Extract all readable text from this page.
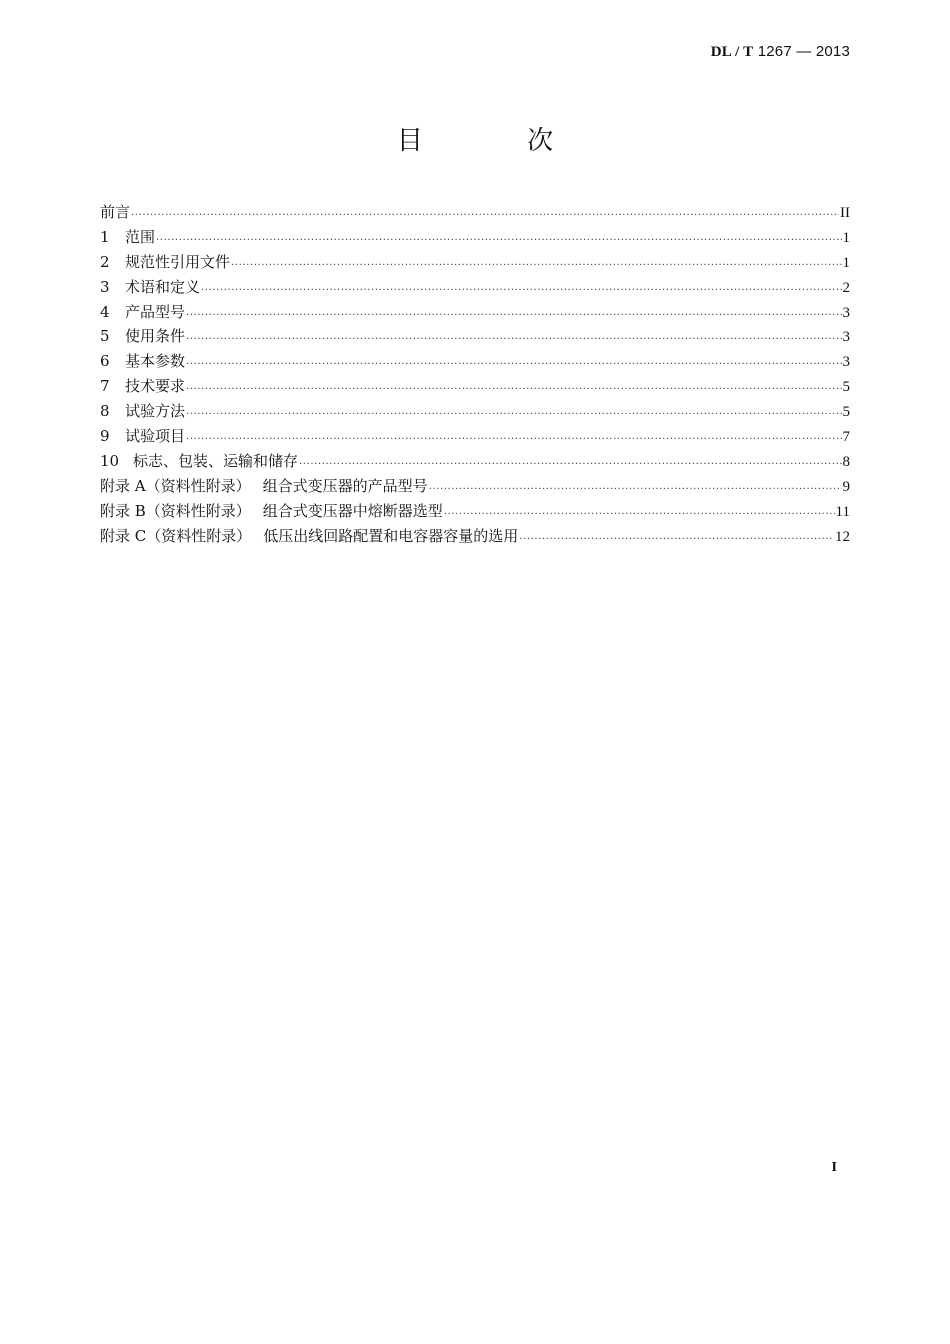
DL / T 1267 — 2013
目 次
前言 .....	II
1	范围 .....	1
2	规范性引用文件 .....	1
3	术语和定义 .....	2
4	产品型号 .....	3
5	使用条件 .....	3
6	基本参数 .....	3
7	技术要求 .....	5
8	试验方法 .....	5
9	试验项目 .....	7
10 标志、包装、运输和储存 .....	8
附录 A（资料性附录） 组合式变压器的产品型号 .....	9
附录 B（资料性附录） 组合式变压器中熔断器选型 .....	11
附录 C（资料性附录） 低压出线回路配置和电容器容量的选用 .....	12
I
